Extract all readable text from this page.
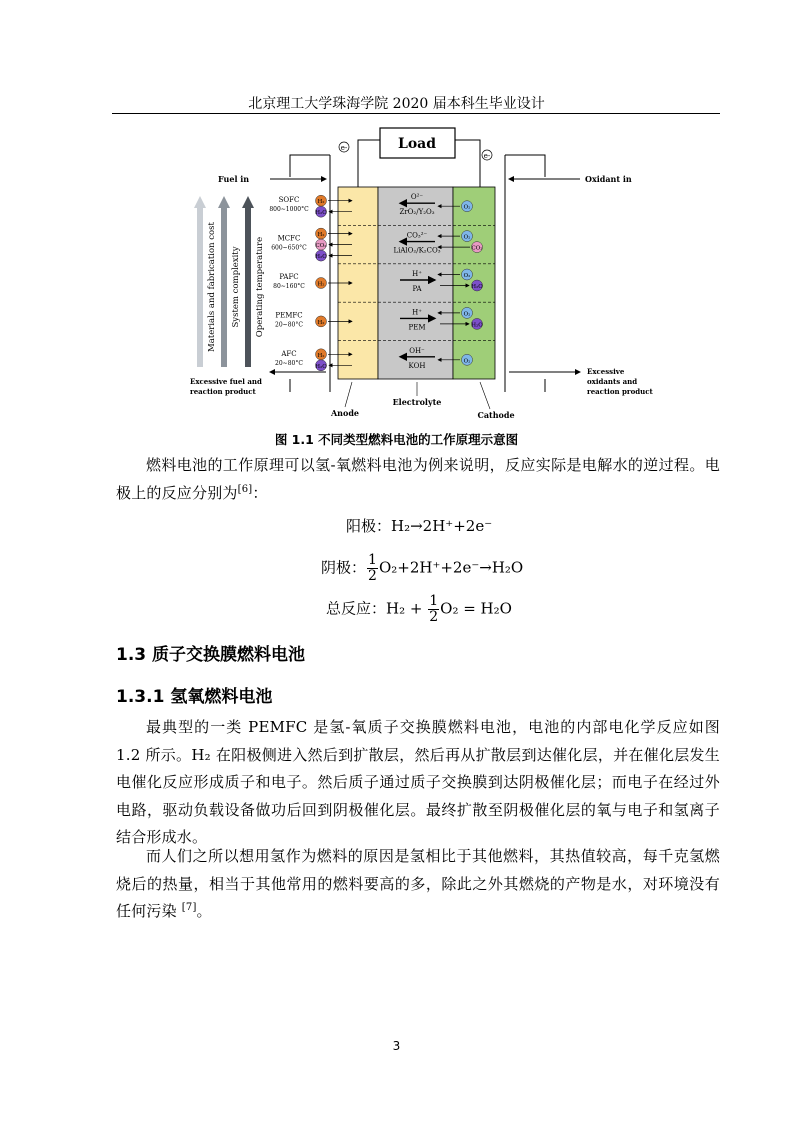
北京理工大学珠海学院 2020 届本科生毕业设计
Load
e-
e-
Fuel in	Oxidant in
Excessive fuel and
reaction product
Excessive
oxidants and
reaction product
Anode
Electrolyte
Cathode
Materials and fabrication cost System complexity Operating temperature
SOFC
800~1000°C
O²⁻
ZrO₂/Y₂O₃
H₂
H₂O
O₂
MCFC
600~650°C
CO₃²⁻
LiAlO₂/K₂CO₃
H₂
CO₂
H₂O
O₂
CO₂
PAFC
80~160°C
H⁺
PA
H₂
O₂
H₂O
PEMFC
20~80°C
H⁺
PEM
H₂
O₂
H₂O
AFC
20~80°C
OH⁻
KOH
H₂
H₂O
O₂
图 1.1 不同类型燃料电池的工作原理示意图
燃料电池的工作原理可以氢-氧燃料电池为例来说明，反应实际是电解水的逆过程。电极上的反应分别为[6]：
阳极：H₂→2H⁺+2e⁻
阴极： $\frac{1}{2} O_2+2H^++2e^-\to H_2O$
总反应：$H_2 + \frac{1}{2} O_2 = H_2O$
1.3 质子交换膜燃料电池
1.3.1 氢氧燃料电池
最典型的一类 PEMFC 是氢-氧质子交换膜燃料电池，电池的内部电化学反应如图 1.2 所示。H₂ 在阳极侧进入然后到扩散层，然后再从扩散层到达催化层，并在催化层发生电催化反应形成质子和电子。然后质子通过质子交换膜到达阴极催化层；而电子在经过外电路，驱动负载设备做功后回到阴极催化层。最终扩散至阴极催化层的氧与电子和氢离子结合形成水。
而人们之所以想用氢作为燃料的原因是氢相比于其他燃料，其热值较高，每千克氢燃烧后的热量，相当于其他常用的燃料要高的多，除此之外其燃烧的产物是水，对环境没有任何污染 [7]。
3
